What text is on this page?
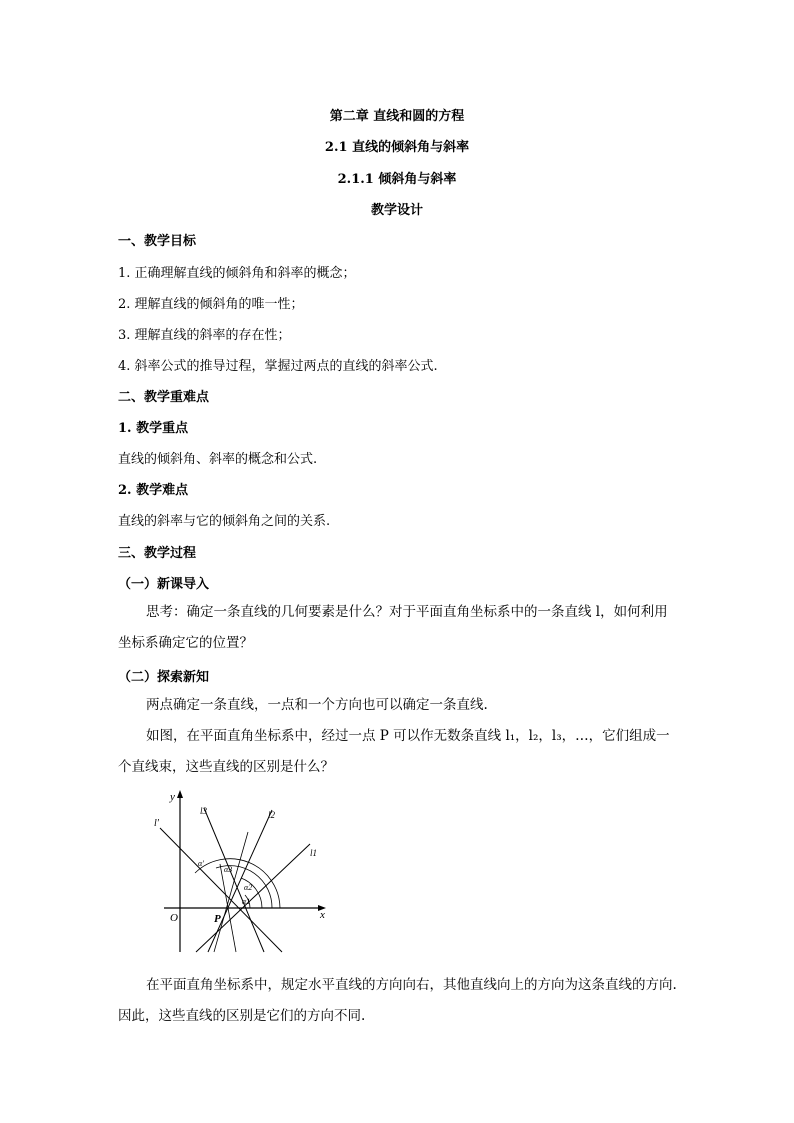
第二章 直线和圆的方程
2.1 直线的倾斜角与斜率
2.1.1 倾斜角与斜率
教学设计
一、教学目标
1. 正确理解直线的倾斜角和斜率的概念；
2. 理解直线的倾斜角的唯一性；
3. 理解直线的斜率的存在性；
4. 斜率公式的推导过程，掌握过两点的直线的斜率公式.
二、教学重难点
1. 教学重点
直线的倾斜角、斜率的概念和公式.
2. 教学难点
直线的斜率与它的倾斜角之间的关系.
三、教学过程
（一）新课导入
思考：确定一条直线的几何要素是什么？对于平面直角坐标系中的一条直线 l，如何利用坐标系确定它的位置？
（二）探索新知
两点确定一条直线，一点和一个方向也可以确定一条直线.
如图，在平面直角坐标系中，经过一点 P 可以作无数条直线 l₁，l₂，l₃，…，它们组成一个直线束，这些直线的区别是什么？
y
x
O	P
l1
l2
l3
l′
α1
α2
α3
α′
在平面直角坐标系中，规定水平直线的方向向右，其他直线向上的方向为这条直线的方向.因此，这些直线的区别是它们的方向不同.
